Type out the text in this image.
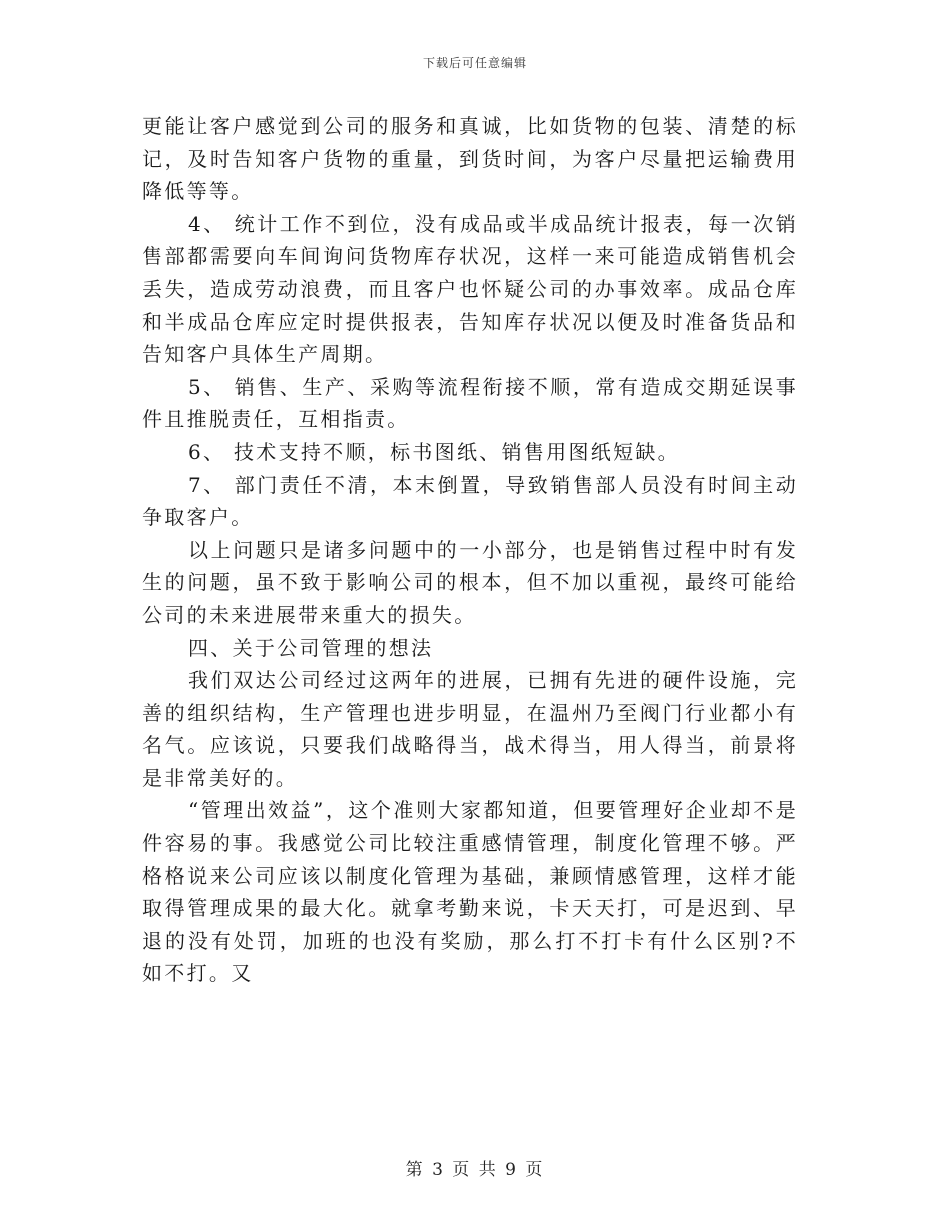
下载后可任意编辑

更能让客户感觉到公司的服务和真诚，比如货物的包装、清楚的标记，及时告知客户货物的重量，到货时间，为客户尽量把运输费用降低等等。

4、 统计工作不到位，没有成品或半成品统计报表，每一次销售部都需要向车间询问货物库存状况，这样一来可能造成销售机会丢失，造成劳动浪费，而且客户也怀疑公司的办事效率。成品仓库和半成品仓库应定时提供报表，告知库存状况以便及时准备货品和告知客户具体生产周期。

5、 销售、生产、采购等流程衔接不顺，常有造成交期延误事件且推脱责任，互相指责。

6、 技术支持不顺，标书图纸、销售用图纸短缺。

7、 部门责任不清，本末倒置，导致销售部人员没有时间主动争取客户。

以上问题只是诸多问题中的一小部分，也是销售过程中时有发生的问题，虽不致于影响公司的根本，但不加以重视，最终可能给公司的未来进展带来重大的损失。

四、关于公司管理的想法

我们双达公司经过这两年的进展，已拥有先进的硬件设施，完善的组织结构，生产管理也进步明显，在温州乃至阀门行业都小有名气。应该说，只要我们战略得当，战术得当，用人得当，前景将是非常美好的。

“管理出效益”，这个准则大家都知道，但要管理好企业却不是件容易的事。我感觉公司比较注重感情管理，制度化管理不够。严格格说来公司应该以制度化管理为基础，兼顾情感管理，这样才能取得管理成果的最大化。就拿考勤来说，卡天天打，可是迟到、早退的没有处罚，加班的也没有奖励，那么打不打卡有什么区别?不如不打。又

第 3 页 共 9 页
